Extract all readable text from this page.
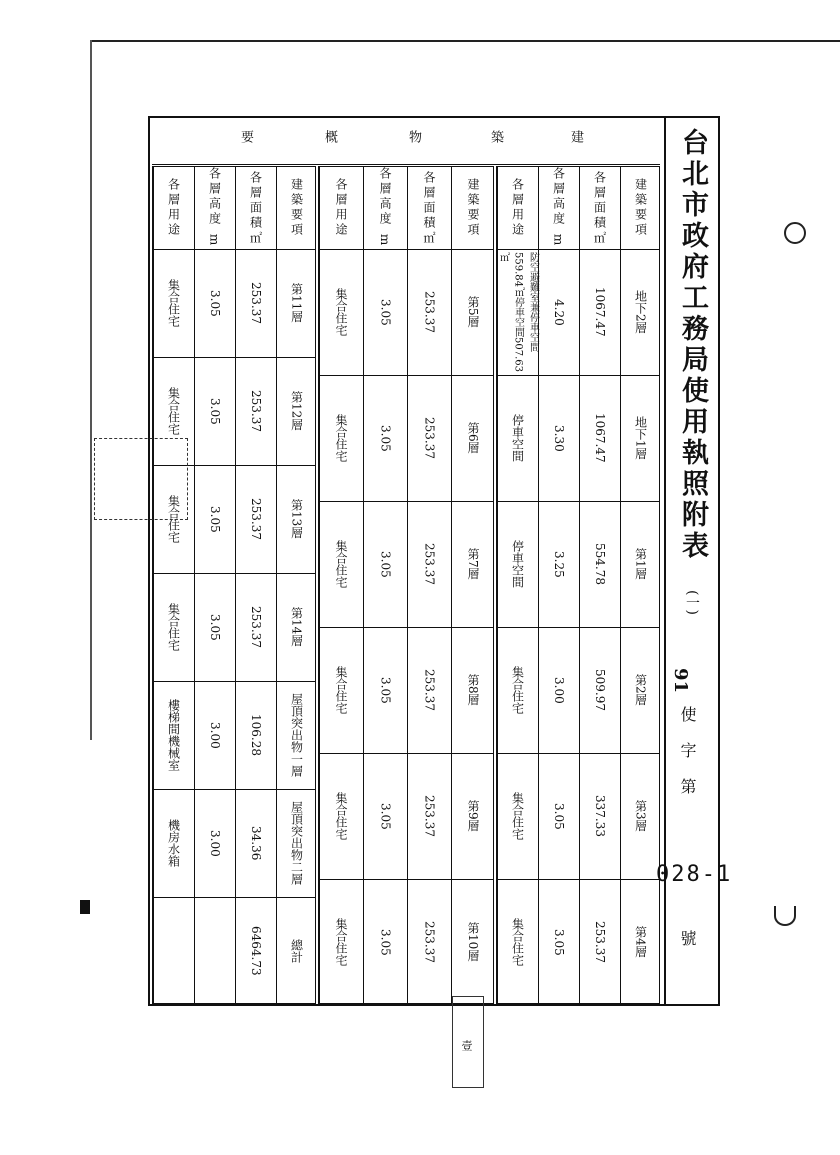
台北市政府工務局使用執照附表
(一)
91
使
字
第
028-1
號
建
築
物
概
要
建築要項
各層面積㎡
各層高度 m
各層用途
地下2層
1067.47
4.20
防空避難室兼停車空間559.84㎡停車空間507.63㎡
地下1層
1067.47
3.30
停車空間
第1層
554.78
3.25
停車空間
第2層
509.97
3.00
集合住宅
第3層
337.33
3.05
集合住宅
第4層
253.37
3.05
集合住宅
建築要項
各層面積㎡
各層高度 m
各層用途
第5層
253.37
3.05
集合住宅
第6層
253.37
3.05
集合住宅
第7層
253.37
3.05
集合住宅
第8層
253.37
3.05
集合住宅
第9層
253.37
3.05
集合住宅
第10層
253.37
3.05
集合住宅
建築要項
各層面積㎡
各層高度 m
各層用途
第11層
253.37
3.05
集合住宅
第12層
253.37
3.05
集合住宅
第13層
253.37
3.05
集合住宅
第14層
253.37
3.05
集合住宅
屋頂突出物一層
106.28
3.00
樓梯間機械室
屋頂突出物二層
34.36
3.00
機房水箱
總計
6464.73
壹
